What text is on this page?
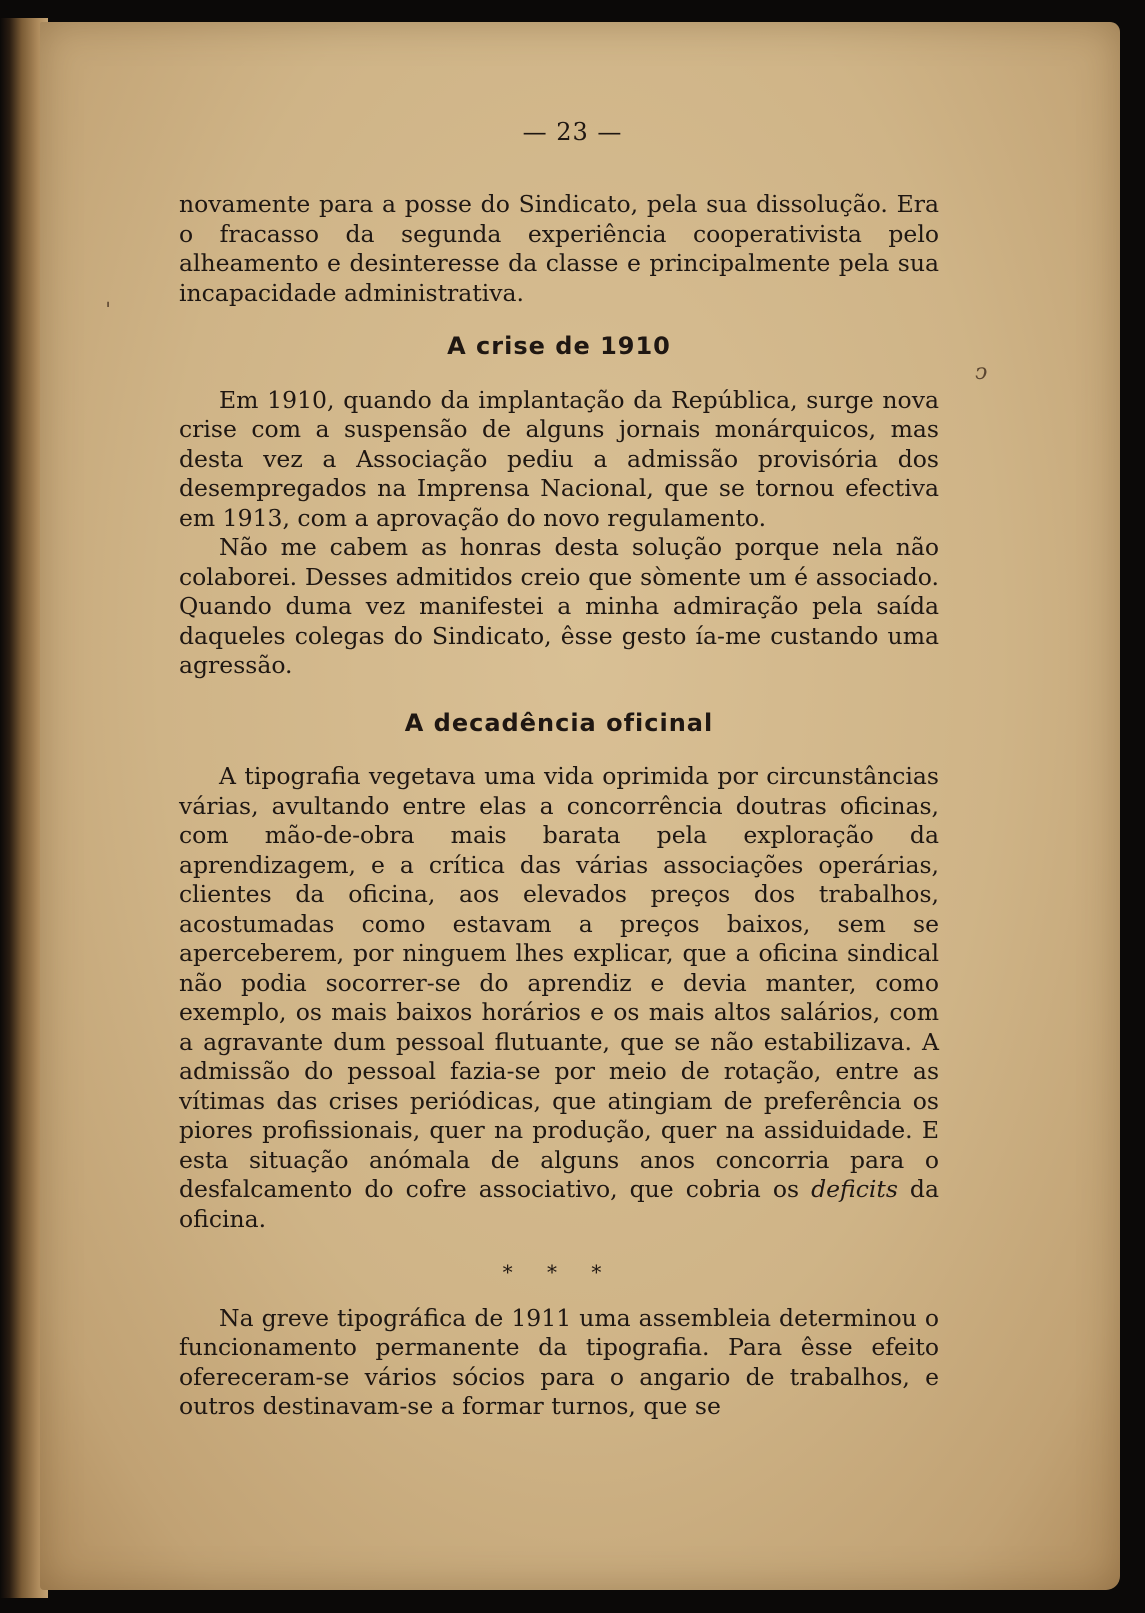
— 23 —
ˈ
ↄ

novamente para a posse do Sindicato, pela sua dissolução. Era o fracasso da segunda experiência cooperativista pelo alheamento e desinteresse da classe e principalmente pela sua incapacidade administrativa.

A crise de 1910

Em 1910, quando da implantação da República, surge nova crise com a suspensão de alguns jornais monárquicos, mas desta vez a Associação pediu a admissão provisória dos desempregados na Imprensa Nacional, que se tornou efectiva em 1913, com a aprovação do novo regulamento.

Não me cabem as honras desta solução porque nela não colaborei. Desses admitidos creio que sòmente um é associado. Quando duma vez manifestei a minha admiração pela saída daqueles colegas do Sindicato, êsse gesto ía-me custando uma agressão.

A decadência oficinal

A tipografia vegetava uma vida oprimida por circunstâncias várias, avultando entre elas a concorrência doutras oficinas, com mão-de-obra mais barata pela exploração da aprendizagem, e a crítica das várias associações operárias, clientes da oficina, aos elevados preços dos trabalhos, acostumadas como estavam a preços baixos, sem se aperceberem, por ninguem lhes explicar, que a oficina sindical não podia socorrer-se do aprendiz e devia manter, como exemplo, os mais baixos horários e os mais altos salários, com a agravante dum pessoal flutuante, que se não estabilizava. A admissão do pessoal fazia-se por meio de rotação, entre as vítimas das crises periódicas, que atingiam de preferência os piores profissionais, quer na produção, quer na assiduidade. E esta situação anómala de alguns anos concorria para o desfalcamento do cofre associativo, que cobria os deficits da oficina.

* * *

Na greve tipográfica de 1911 uma assembleia determinou o funcionamento permanente da tipografia. Para êsse efeito ofereceram-se vários sócios para o angario de trabalhos, e outros destinavam-se a formar turnos, que se
